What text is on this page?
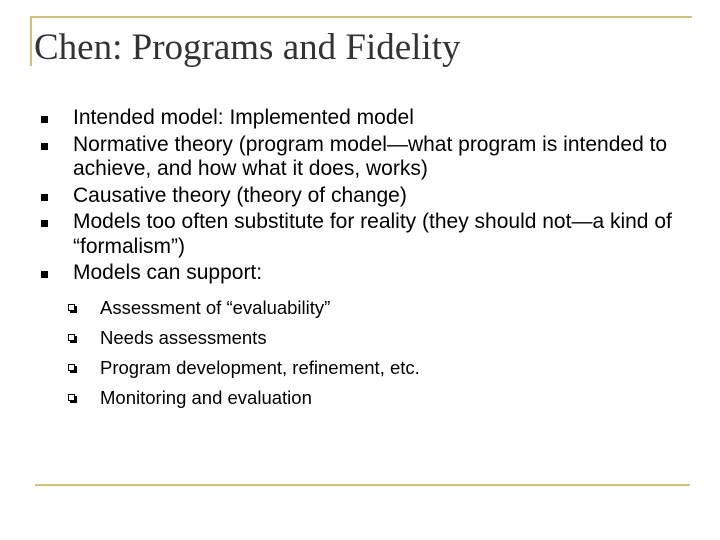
Chen: Programs and Fidelity
Intended model: Implemented model
Normative theory (program model—what program is intended to achieve, and how what it does, works)
Causative theory (theory of change)
Models too often substitute for reality (they should not—a kind of “formalism”)
Models can support:
Assessment of “evaluability”
Needs assessments
Program development, refinement, etc.
Monitoring and evaluation
